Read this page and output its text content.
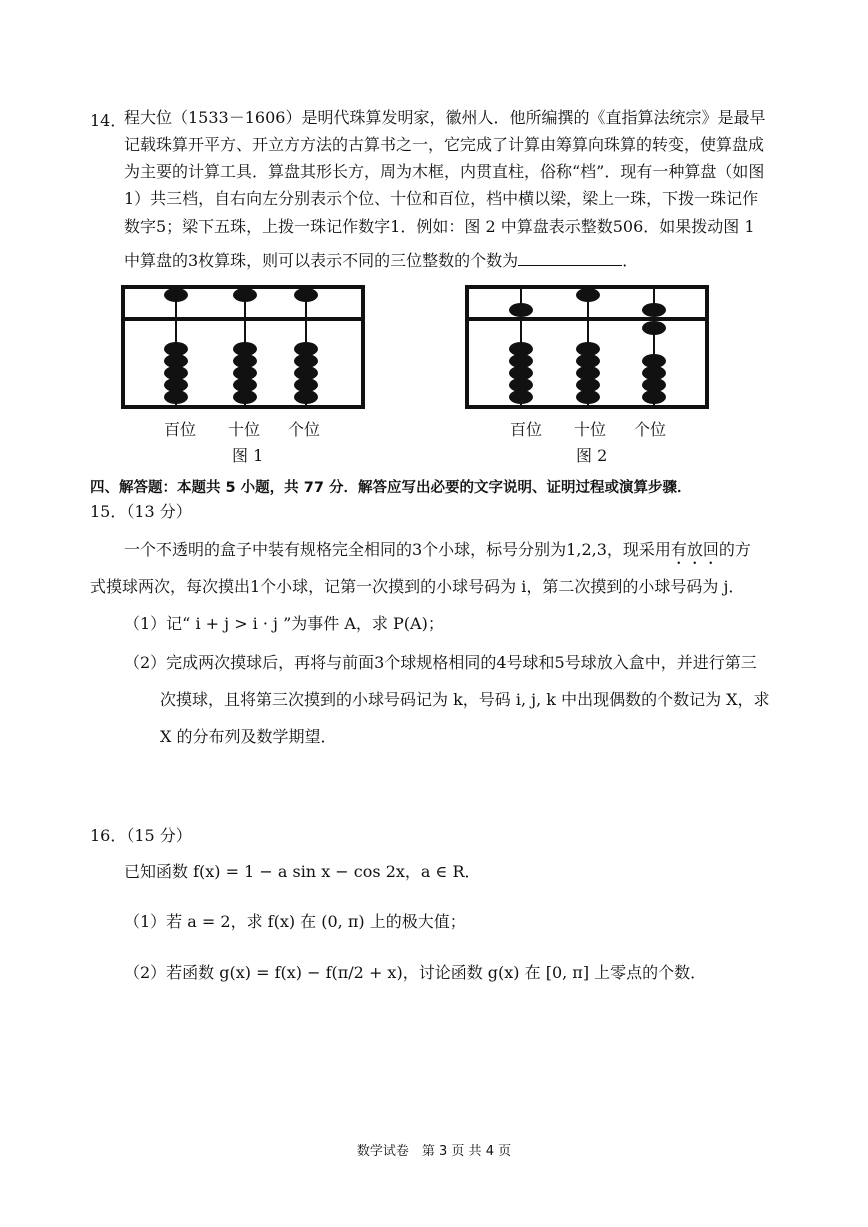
14．
程大位（1533－1606）是明代珠算发明家，徽州人．他所编撰的《直指算法统宗》是最早
记载珠算开平方、开立方方法的古算书之一，它完成了计算由筹算向珠算的转变，使算盘成
为主要的计算工具．算盘其形长方，周为木框，内贯直柱，俗称“档”．现有一种算盘（如图
1）共三档，自右向左分别表示个位、十位和百位，档中横以梁，梁上一珠，下拨一珠记作
数字5；梁下五珠，上拨一珠记作数字1．例如：图 2 中算盘表示整数506．如果拨动图 1
中算盘的3枚算珠，则可以表示不同的三位整数的个数为	．
百位 十位 个位
图 1
百位 十位 个位
图 2
四、解答题：本题共 5 小题，共 77 分．解答应写出必要的文字说明、证明过程或演算步骤．
15．（13 分）
一个不透明的盒子中装有规格完全相同的3个小球，标号分别为1,2,3，现采用有放回的方
式摸球两次，每次摸出1个小球，记第一次摸到的小球号码为 i，第二次摸到的小球号码为 j．
（1）记“ i + j > i · j ”为事件 A，求 P(A)；
（2）完成两次摸球后，再将与前面3个球规格相同的4号球和5号球放入盒中，并进行第三
次摸球，且将第三次摸到的小球号码记为 k，号码 i, j, k 中出现偶数的个数记为 X，求
X 的分布列及数学期望．
16．（15 分）
已知函数 f(x) = 1 − a sin x − cos 2x，a ∈ R．
（1）若 a = 2，求 f(x) 在 (0, π) 上的极大值；
（2）若函数 g(x) = f(x) − f(π/2 + x)，讨论函数 g(x) 在 [0, π] 上零点的个数．
数学试卷　第 3 页 共 4 页
